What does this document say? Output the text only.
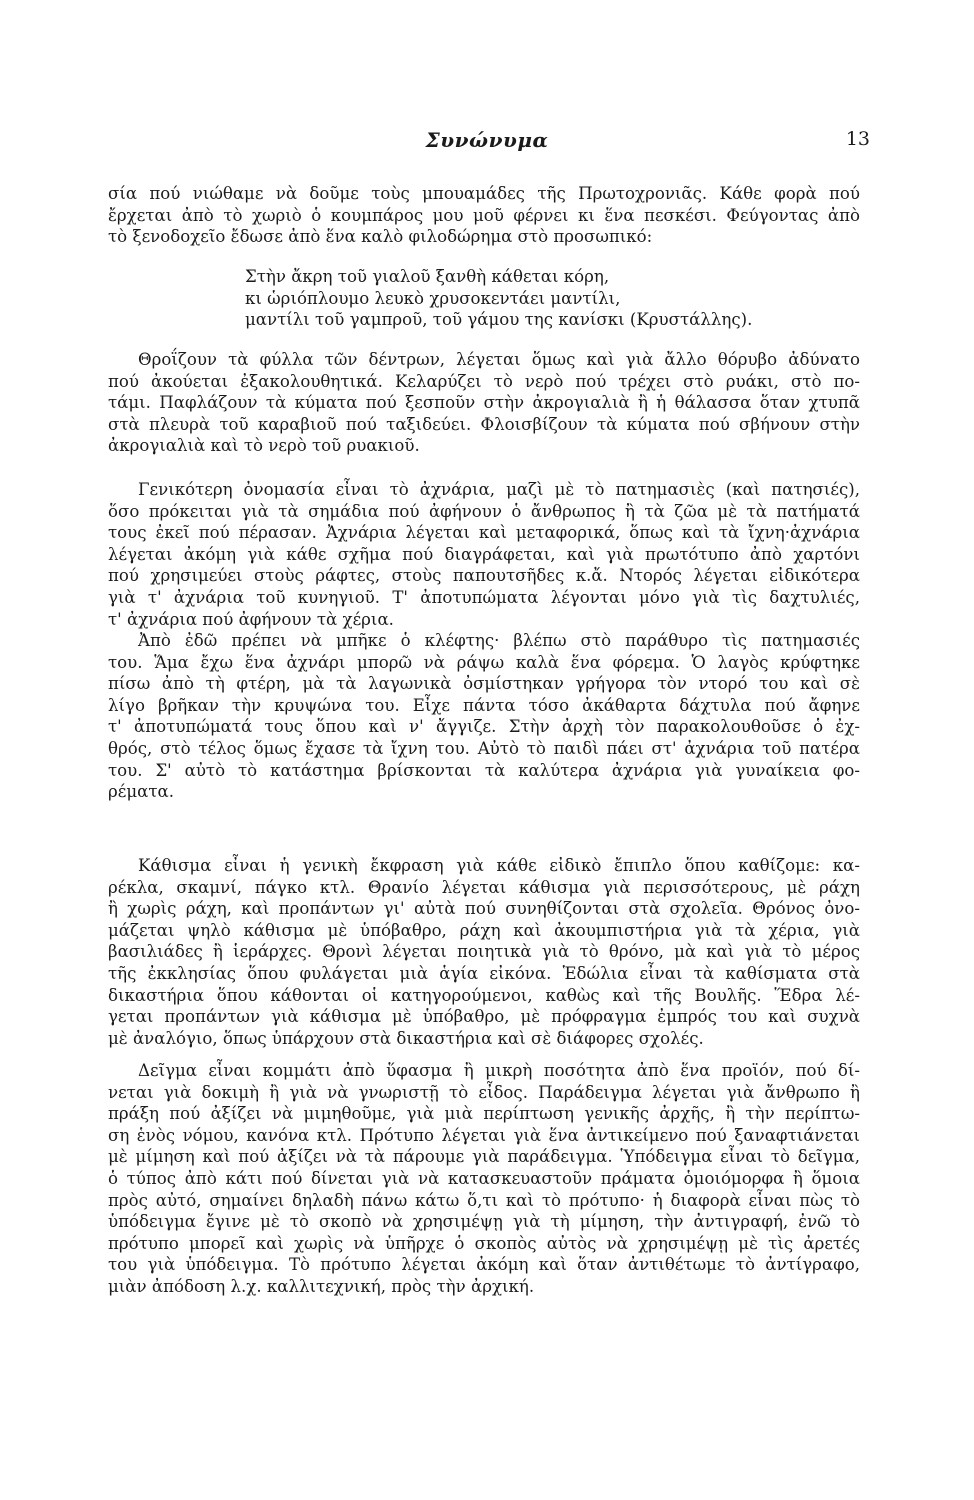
Συνώνυμα	13
σία πού νιώθαμε νὰ δοῦμε τοὺς μπουαμάδες τῆς Πρωτοχρονιᾶς. Κάθε φορὰ πού
ἔρχεται ἀπὸ τὸ χωριὸ ὁ κουμπάρος μου μοῦ φέρνει κι ἕνα πεσκέσι. Φεύγοντας ἀπὸ
τὸ ξενοδοχεῖο ἔδωσε ἀπὸ ἕνα καλὸ φιλοδώρημα στὸ προσωπικό:
Στὴν ἄκρη τοῦ γιαλοῦ ξανθὴ κάθεται κόρη,
κι ὡριόπλουμο λευκὸ χρυσοκεντάει μαντίλι,
μαντίλι τοῦ γαμπροῦ, τοῦ γάμου της κανίσκι (Κρυστάλλης).
Θροΐζουν τὰ φύλλα τῶν δέντρων, λέγεται ὅμως καὶ γιὰ ἄλλο θόρυβο ἀδύνατο
πού ἀκούεται ἐξακολουθητικά. Κελαρύζει τὸ νερὸ πού τρέχει στὸ ρυάκι, στὸ πο-
τάμι. Παφλάζουν τὰ κύματα πού ξεσποῦν στὴν ἀκρογιαλιὰ ἢ ἡ θάλασσα ὅταν χτυπᾶ
στὰ πλευρὰ τοῦ καραβιοῦ πού ταξιδεύει. Φλοισβίζουν τὰ κύματα πού σβήνουν στὴν
ἀκρογιαλιὰ καὶ τὸ νερὸ τοῦ ρυακιοῦ.
Γενικότερη ὀνομασία εἶναι τὸ ἀχνάρια, μαζὶ μὲ τὸ πατημασιὲς (καὶ πατησιές),
ὅσο πρόκειται γιὰ τὰ σημάδια πού ἀφήνουν ὁ ἄνθρωπος ἢ τὰ ζῶα μὲ τὰ πατήματά
τους ἐκεῖ πού πέρασαν. Ἀχνάρια λέγεται καὶ μεταφορικά, ὅπως καὶ τὰ ἴχνη·ἀχνάρια
λέγεται ἀκόμη γιὰ κάθε σχῆμα πού διαγράφεται, καὶ γιὰ πρωτότυπο ἀπὸ χαρτόνι
πού χρησιμεύει στοὺς ράφτες, στοὺς παπουτσῆδες κ.ἄ. Ντορός λέγεται εἰδικότερα
γιὰ τ' ἀχνάρια τοῦ κυνηγιοῦ. Τ' ἀποτυπώματα λέγονται μόνο γιὰ τὶς δαχτυλιές,
τ' ἀχνάρια πού ἀφήνουν τὰ χέρια.
Ἀπὸ ἐδῶ πρέπει νὰ μπῆκε ὁ κλέφτης· βλέπω στὸ παράθυρο τὶς πατημασιές
του. Ἅμα ἔχω ἕνα ἀχνάρι μπορῶ νὰ ράψω καλὰ ἕνα φόρεμα. Ὁ λαγὸς κρύφτηκε
πίσω ἀπὸ τὴ φτέρη, μὰ τὰ λαγωνικὰ ὀσμίστηκαν γρήγορα τὸν ντορό του καὶ σὲ
λίγο βρῆκαν τὴν κρυψώνα του. Εἶχε πάντα τόσο ἀκάθαρτα δάχτυλα πού ἄφηνε
τ' ἀποτυπώματά τους ὅπου καὶ ν' ἄγγιζε. Στὴν ἀρχὴ τὸν παρακολουθοῦσε ὁ ἐχ-
θρός, στὸ τέλος ὅμως ἔχασε τὰ ἴχνη του. Αὐτὸ τὸ παιδὶ πάει στ' ἀχνάρια τοῦ πατέρα
του. Σ' αὐτὸ τὸ κατάστημα βρίσκονται τὰ καλύτερα ἀχνάρια γιὰ γυναίκεια φο-
ρέματα.
Κάθισμα εἶναι ἡ γενικὴ ἔκφραση γιὰ κάθε εἰδικὸ ἔπιπλο ὅπου καθίζομε: κα-
ρέκλα, σκαμνί, πάγκο κτλ. Θρανίο λέγεται κάθισμα γιὰ περισσότερους, μὲ ράχη
ἢ χωρὶς ράχη, καὶ προπάντων γι' αὐτὰ πού συνηθίζονται στὰ σχολεῖα. Θρόνος ὀνο-
μάζεται ψηλὸ κάθισμα μὲ ὑπόβαθρο, ράχη καὶ ἀκουμπιστήρια γιὰ τὰ χέρια, γιὰ
βασιλιάδες ἢ ἱεράρχες. Θρονὶ λέγεται ποιητικὰ γιὰ τὸ θρόνο, μὰ καὶ γιὰ τὸ μέρος
τῆς ἐκκλησίας ὅπου φυλάγεται μιὰ ἁγία εἰκόνα. Ἑδώλια εἶναι τὰ καθίσματα στὰ
δικαστήρια ὅπου κάθονται οἱ κατηγορούμενοι, καθὼς καὶ τῆς Βουλῆς. Ἕδρα λέ-
γεται προπάντων γιὰ κάθισμα μὲ ὑπόβαθρο, μὲ πρόφραγμα ἐμπρός του καὶ συχνὰ
μὲ ἀναλόγιο, ὅπως ὑπάρχουν στὰ δικαστήρια καὶ σὲ διάφορες σχολές.
Δεῖγμα εἶναι κομμάτι ἀπὸ ὕφασμα ἢ μικρὴ ποσότητα ἀπὸ ἕνα προϊόν, πού δί-
νεται γιὰ δοκιμὴ ἢ γιὰ νὰ γνωριστῇ τὸ εἶδος. Παράδειγμα λέγεται γιὰ ἄνθρωπο ἢ
πράξη πού ἀξίζει νὰ μιμηθοῦμε, γιὰ μιὰ περίπτωση γενικῆς ἀρχῆς, ἢ τὴν περίπτω-
ση ἑνὸς νόμου, κανόνα κτλ. Πρότυπο λέγεται γιὰ ἕνα ἀντικείμενο πού ξαναφτιάνεται
μὲ μίμηση καὶ πού ἀξίζει νὰ τὰ πάρουμε γιὰ παράδειγμα. Ὑπόδειγμα εἶναι τὸ δεῖγμα,
ὁ τύπος ἀπὸ κάτι πού δίνεται γιὰ νὰ κατασκευαστοῦν πράματα ὁμοιόμορφα ἢ ὅμοια
πρὸς αὐτό, σημαίνει δηλαδὴ πάνω κάτω ὅ,τι καὶ τὸ πρότυπο· ἡ διαφορὰ εἶναι πὼς τὸ
ὑπόδειγμα ἔγινε μὲ τὸ σκοπὸ νὰ χρησιμέψῃ γιὰ τὴ μίμηση, τὴν ἀντιγραφή, ἐνῶ τὸ
πρότυπο μπορεῖ καὶ χωρὶς νὰ ὑπῆρχε ὁ σκοπὸς αὐτὸς νὰ χρησιμέψῃ μὲ τὶς ἀρετές
του γιὰ ὑπόδειγμα. Τὸ πρότυπο λέγεται ἀκόμη καὶ ὅταν ἀντιθέτωμε τὸ ἀντίγραφο,
μιὰν ἀπόδοση λ.χ. καλλιτεχνική, πρὸς τὴν ἀρχική.
